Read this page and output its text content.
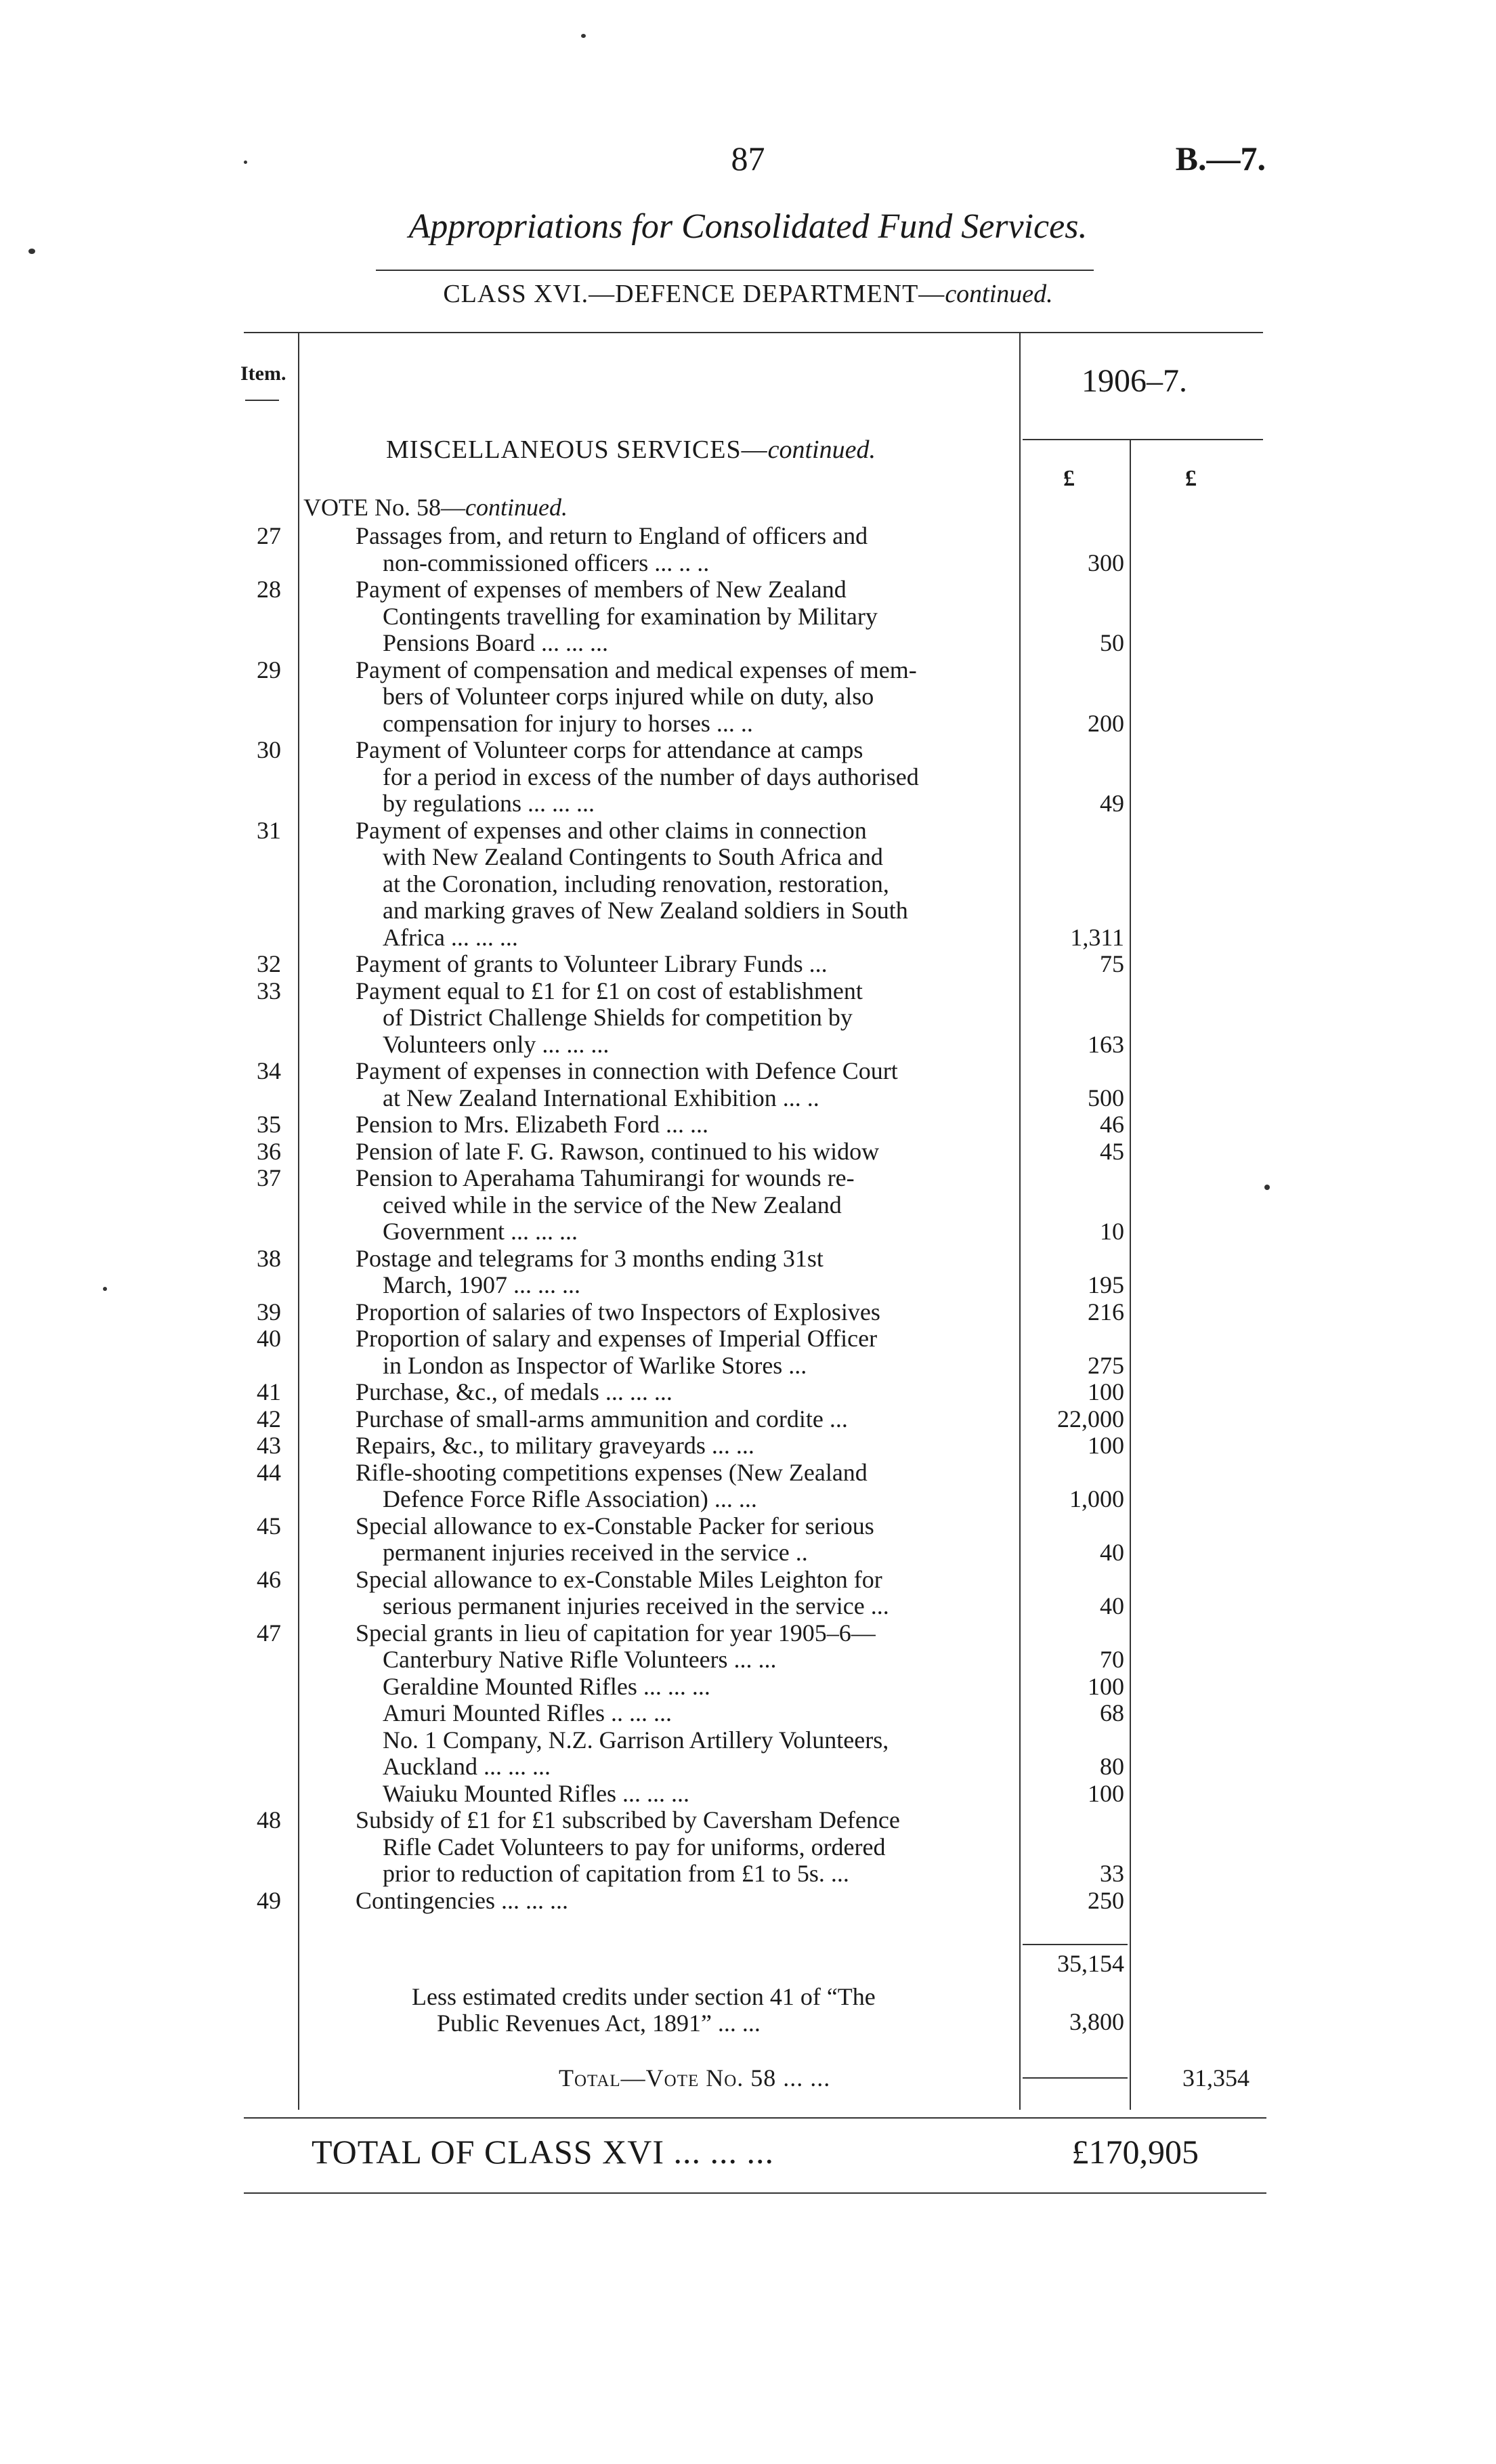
87	B.—7.
Appropriations for Consolidated Fund Services.
CLASS XVI.—DEFENCE DEPARTMENT—continued.
Item.	1906–7.
MISCELLANEOUS SERVICES—continued.
£	£
VOTE No. 58—continued.
27	Passages from, and return to England of officers and
non-commissioned officers ... .. ..	300
28	Payment of expenses of members of New Zealand
Contingents travelling for examination by Military
Pensions Board ... ... ...	50
29	Payment of compensation and medical expenses of mem-
bers of Volunteer corps injured while on duty, also
compensation for injury to horses ... ..	200
30	Payment of Volunteer corps for attendance at camps
for a period in excess of the number of days authorised
by regulations ... ... ...	49
31	Payment of expenses and other claims in connection
with New Zealand Contingents to South Africa and
at the Coronation, including renovation, restoration,
and marking graves of New Zealand soldiers in South
Africa ... ... ...	1,311
32	Payment of grants to Volunteer Library Funds ...	75
33	Payment equal to £1 for £1 on cost of establishment
of District Challenge Shields for competition by
Volunteers only ... ... ...	163
34	Payment of expenses in connection with Defence Court
at New Zealand International Exhibition ... ..	500
35	Pension to Mrs. Elizabeth Ford ... ...	46
36	Pension of late F. G. Rawson, continued to his widow	45
37	Pension to Aperahama Tahumirangi for wounds re-
ceived while in the service of the New Zealand
Government ... ... ...	10
38	Postage and telegrams for 3 months ending 31st
March, 1907 ... ... ...	195
39	Proportion of salaries of two Inspectors of Explosives	216
40	Proportion of salary and expenses of Imperial Officer
in London as Inspector of Warlike Stores ...	275
41	Purchase, &c., of medals ... ... ...	100
42	Purchase of small-arms ammunition and cordite ...	22,000
43	Repairs, &c., to military graveyards ... ...	100
44	Rifle-shooting competitions expenses (New Zealand
Defence Force Rifle Association) ... ...	1,000
45	Special allowance to ex-Constable Packer for serious
permanent injuries received in the service ..	40
46	Special allowance to ex-Constable Miles Leighton for
serious permanent injuries received in the service ...	40
47	Special grants in lieu of capitation for year 1905–6—
Canterbury Native Rifle Volunteers ... ...	70
Geraldine Mounted Rifles ... ... ...	100
Amuri Mounted Rifles .. ... ...	68
No. 1 Company, N.Z. Garrison Artillery Volunteers,
Auckland ... ... ...	80
Waiuku Mounted Rifles ... ... ...	100
48	Subsidy of £1 for £1 subscribed by Caversham Defence
Rifle Cadet Volunteers to pay for uniforms, ordered
prior to reduction of capitation from £1 to 5s. ...	33
49	Contingencies ... ... ...	250
35,154
Less estimated credits under section 41 of “The
Public Revenues Act, 1891” ... ...	3,800
Total—Vote No. 58 ... ...	31,354
TOTAL OF CLASS XVI ... ... ...	£170,905
